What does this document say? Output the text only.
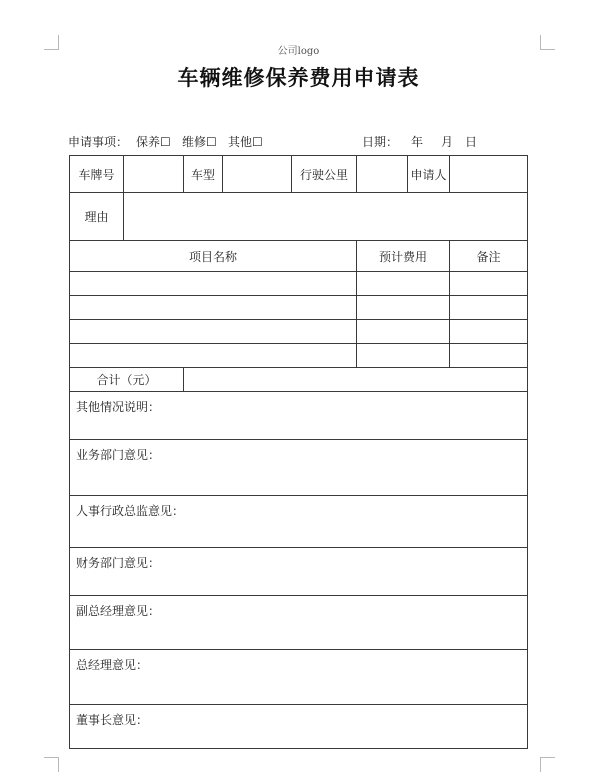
公司logo
车辆维修保养费用申请表
申请事项： 保养☐ 维修☐ 其他☐	日期： 年 月 日
车牌号		车型		行驶公里		申请人	
理由							
项目名称					预计费用		备注

合计（元）							
其他情况说明：							
业务部门意见：							
人事行政总监意见：							
财务部门意见：							
副总经理意见：							
总经理意见：							
董事长意见：							
